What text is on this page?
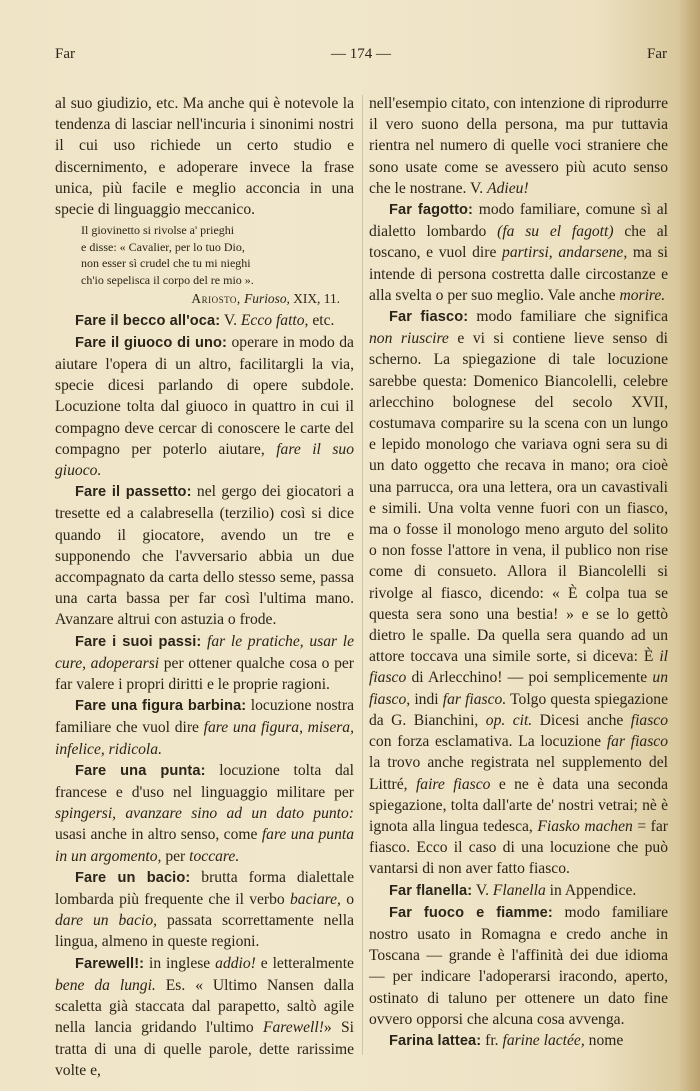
Far	— 174 —	Far

al suo giudizio, etc. Ma anche qui è notevole la tendenza di lasciar nell'incuria i sinonimi nostri il cui uso richiede un certo studio e discernimento, e adoperare invece la frase unica, più facile e meglio acconcia in una specie di linguaggio meccanico.

Il giovinetto si rivolse a' prieghi
e disse: « Cavalier, per lo tuo Dio,
non esser sì crudel che tu mi nieghi
ch'io sepelisca il corpo del re mio ».
Ariosto, Furioso, XIX, 11.

Fare il becco all'oca: V. Ecco fatto, etc.

Fare il giuoco di uno: operare in modo da aiutare l'opera di un altro, facilitargli la via, specie dicesi parlando di opere subdole. Locuzione tolta dal giuoco in quattro in cui il compagno deve cercar di conoscere le carte del compagno per poterlo aiutare, fare il suo giuoco.

Fare il passetto: nel gergo dei giocatori a tresette ed a calabresella (terzilio) così si dice quando il giocatore, avendo un tre e supponendo che l'avversario abbia un due accompagnato da carta dello stesso seme, passa una carta bassa per far così l'ultima mano. Avanzare altrui con astuzia o frode.

Fare i suoi passi: far le pratiche, usar le cure, adoperarsi per ottener qualche cosa o per far valere i propri diritti e le proprie ragioni.

Fare una figura barbina: locuzione nostra familiare che vuol dire fare una figura, misera, infelice, ridicola.

Fare una punta: locuzione tolta dal francese e d'uso nel linguaggio militare per spingersi, avanzare sino ad un dato punto: usasi anche in altro senso, come fare una punta in un argomento, per toccare.

Fare un bacio: brutta forma dialettale lombarda più frequente che il verbo baciare, o dare un bacio, passata scorrettamente nella lingua, almeno in queste regioni.

Farewell!: in inglese addio! e letteralmente bene da lungi. Es. « Ultimo Nansen dalla scaletta già staccata dal parapetto, saltò agile nella lancia gridando l'ultimo Farewell!» Si tratta di una di quelle parole, dette rarissime volte e,

nell'esempio citato, con intenzione di riprodurre il vero suono della persona, ma pur tuttavia rientra nel numero di quelle voci straniere che sono usate come se avessero più acuto senso che le nostrane. V. Adieu!

Far fagotto: modo familiare, comune sì al dialetto lombardo (fa su el fagott) che al toscano, e vuol dire partirsi, andarsene, ma si intende di persona costretta dalle circostanze e alla svelta o per suo meglio. Vale anche morire.

Far fiasco: modo familiare che significa non riuscire e vi si contiene lieve senso di scherno. La spiegazione di tale locuzione sarebbe questa: Domenico Biancolelli, celebre arlecchino bolognese del secolo XVII, costumava comparire su la scena con un lungo e lepido monologo che variava ogni sera su di un dato oggetto che recava in mano; ora cioè una parrucca, ora una lettera, ora un cavastivali e simili. Una volta venne fuori con un fiasco, ma o fosse il monologo meno arguto del solito o non fosse l'attore in vena, il publico non rise come di consueto. Allora il Biancolelli si rivolge al fiasco, dicendo: « È colpa tua se questa sera sono una bestia! » e se lo gettò dietro le spalle. Da quella sera quando ad un attore toccava una simile sorte, si diceva: È il fiasco di Arlecchino! — poi semplicemente un fiasco, indi far fiasco. Tolgo questa spiegazione da G. Bianchini, op. cit. Dicesi anche fiasco con forza esclamativa. La locuzione far fiasco la trovo anche registrata nel supplemento del Littré, faire fiasco e ne è data una seconda spiegazione, tolta dall'arte de' nostri vetrai; nè è ignota alla lingua tedesca, Fiasko machen = far fiasco. Ecco il caso di una locuzione che può vantarsi di non aver fatto fiasco.

Far flanella: V. Flanella in Appendice.

Far fuoco e fiamme: modo familiare nostro usato in Romagna e credo anche in Toscana — grande è l'affinità dei due idioma — per indicare l'adoperarsi iracondo, aperto, ostinato di taluno per ottenere un dato fine ovvero opporsi che alcuna cosa avvenga.

Farina lattea: fr. farine lactée, nome
